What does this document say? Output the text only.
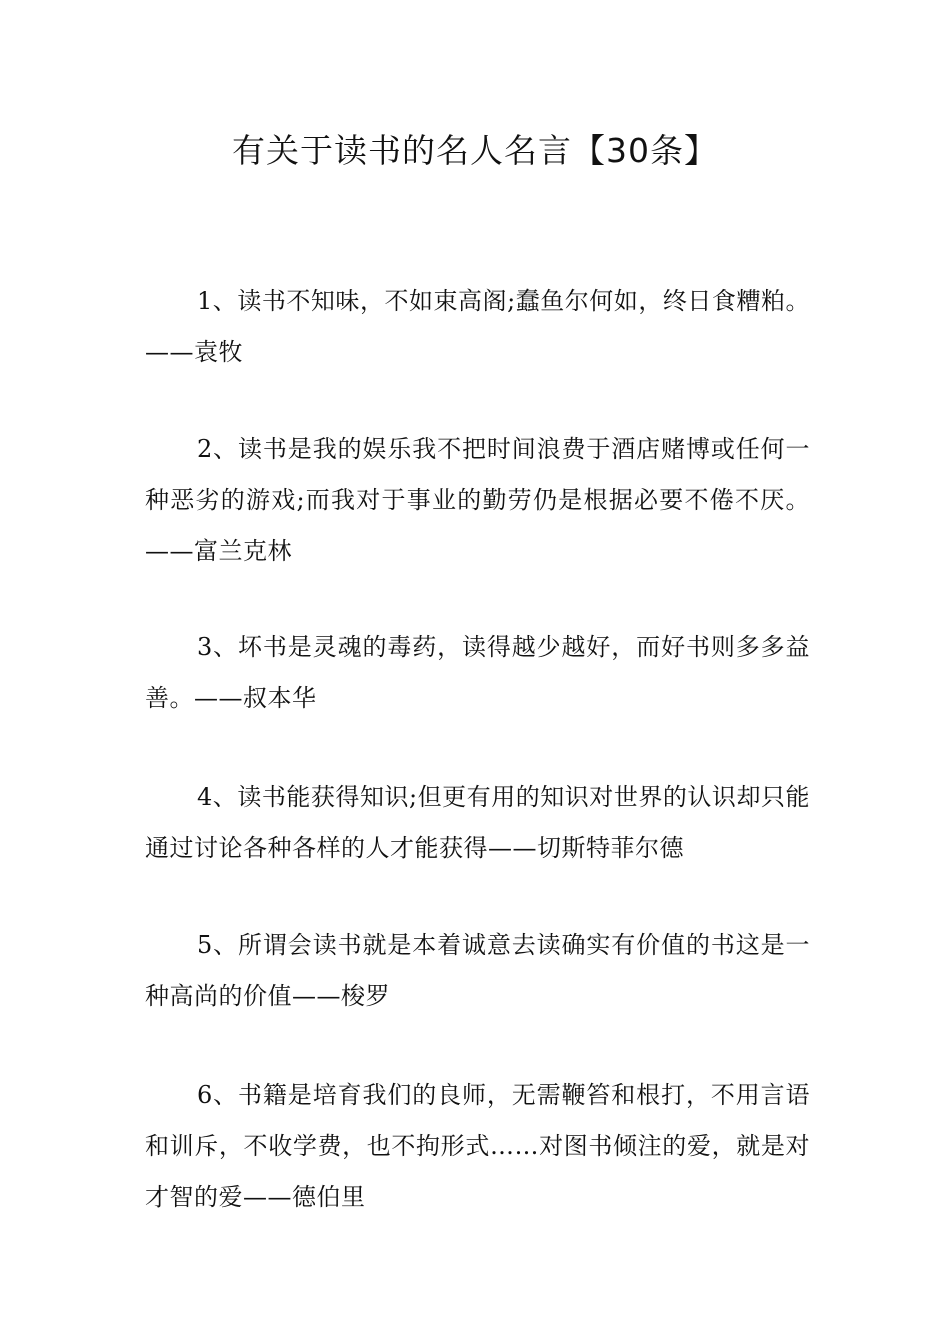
有关于读书的名人名言【30条】

1、读书不知味，不如束高阁;蠢鱼尔何如，终日食糟粕。——袁牧

2、读书是我的娱乐我不把时间浪费于酒店赌博或任何一种恶劣的游戏;而我对于事业的勤劳仍是根据必要不倦不厌。——富兰克林

3、坏书是灵魂的毒药，读得越少越好，而好书则多多益善。——叔本华

4、读书能获得知识;但更有用的知识对世界的认识却只能通过讨论各种各样的人才能获得——切斯特菲尔德

5、所谓会读书就是本着诚意去读确实有价值的书这是一种高尚的价值——梭罗

6、书籍是培育我们的良师，无需鞭笞和根打，不用言语和训斥，不收学费，也不拘形式……对图书倾注的爱，就是对才智的爱——德伯里
